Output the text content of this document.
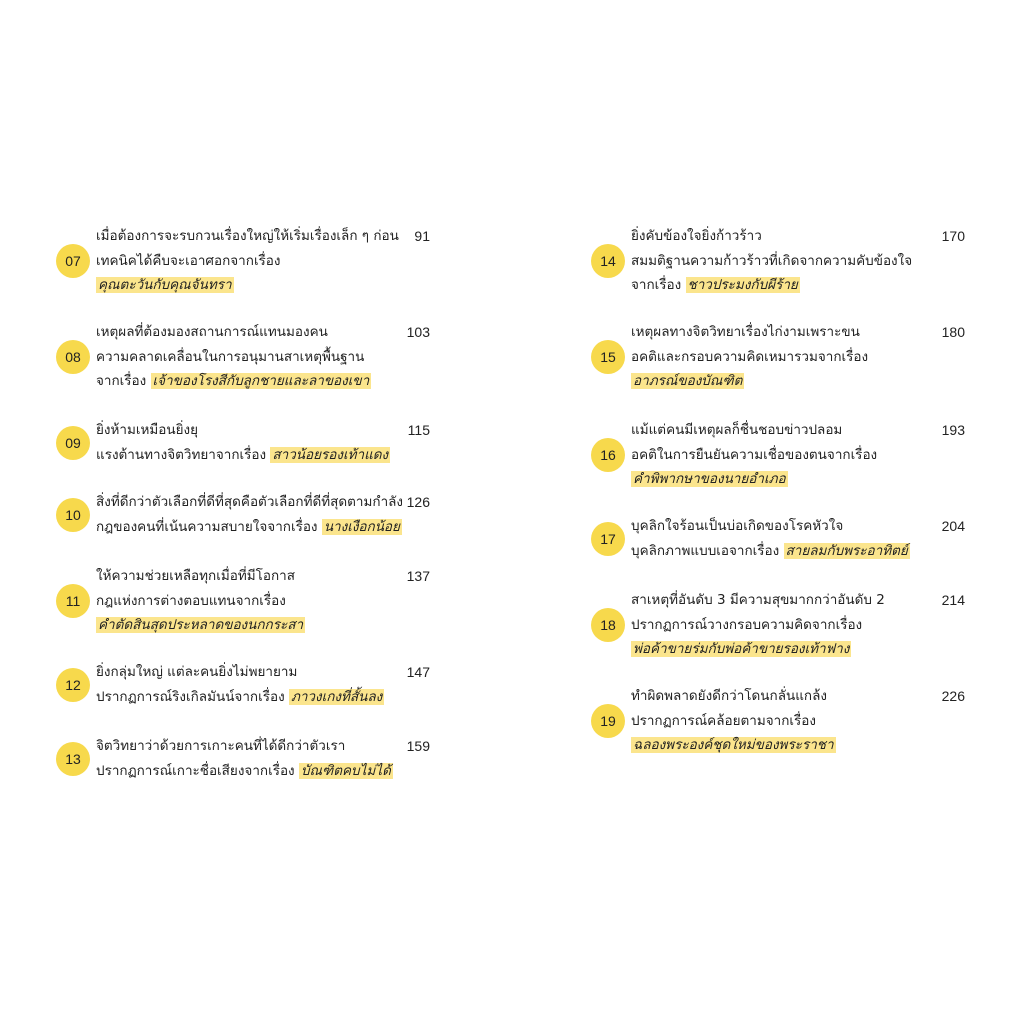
07
เมื่อต้องการจะรบกวนเรื่องใหญ่ให้เริ่มเรื่องเล็ก ๆ ก่อน
เทคนิคได้คืบจะเอาศอกจากเรื่อง
คุณตะวันกับคุณจันทรา
91
08
เหตุผลที่ต้องมองสถานการณ์แทนมองคน
ความคลาดเคลื่อนในการอนุมานสาเหตุพื้นฐาน
จากเรื่อง เจ้าของโรงสีกับลูกชายและลาของเขา
103
09
ยิ่งห้ามเหมือนยิ่งยุ
แรงต้านทางจิตวิทยาจากเรื่อง สาวน้อยรองเท้าแดง
115
10
สิ่งที่ดีกว่าตัวเลือกที่ดีที่สุดคือตัวเลือกที่ดีที่สุดตามกำลัง
กฎของคนที่เน้นความสบายใจจากเรื่อง นางเงือกน้อย
126
11
ให้ความช่วยเหลือทุกเมื่อที่มีโอกาส
กฎแห่งการต่างตอบแทนจากเรื่อง
คำตัดสินสุดประหลาดของนกกระสา
137
12
ยิ่งกลุ่มใหญ่ แต่ละคนยิ่งไม่พยายาม
ปรากฏการณ์ริงเกิลมันน์จากเรื่อง ภาวงเกงที่สั้นลง
147
13
จิตวิทยาว่าด้วยการเกาะคนที่ได้ดีกว่าตัวเรา
ปรากฏการณ์เกาะชื่อเสียงจากเรื่อง บัณฑิตคบไม่ได้
159
14
ยิ่งคับข้องใจยิ่งก้าวร้าว
สมมติฐานความก้าวร้าวที่เกิดจากความคับข้องใจ
จากเรื่อง ชาวประมงกับผีร้าย
170
15
เหตุผลทางจิตวิทยาเรื่องไก่งามเพราะขน
อคติและกรอบความคิดเหมารวมจากเรื่อง
อาภรณ์ของบัณฑิต
180
16
แม้แต่คนมีเหตุผลก็ชื่นชอบข่าวปลอม
อคติในการยืนยันความเชื่อของตนจากเรื่อง
คำพิพากษาของนายอำเภอ
193
17
บุคลิกใจร้อนเป็นบ่อเกิดของโรคหัวใจ
บุคลิกภาพแบบเอจากเรื่อง สายลมกับพระอาทิตย์
204
18
สาเหตุที่อันดับ 3 มีความสุขมากกว่าอันดับ 2
ปรากฏการณ์วางกรอบความคิดจากเรื่อง
พ่อค้าขายร่มกับพ่อค้าขายรองเท้าฟาง
214
19
ทำผิดพลาดยังดีกว่าโดนกลั่นแกล้ง
ปรากฏการณ์คล้อยตามจากเรื่อง
ฉลองพระองค์ชุดใหม่ของพระราชา
226
